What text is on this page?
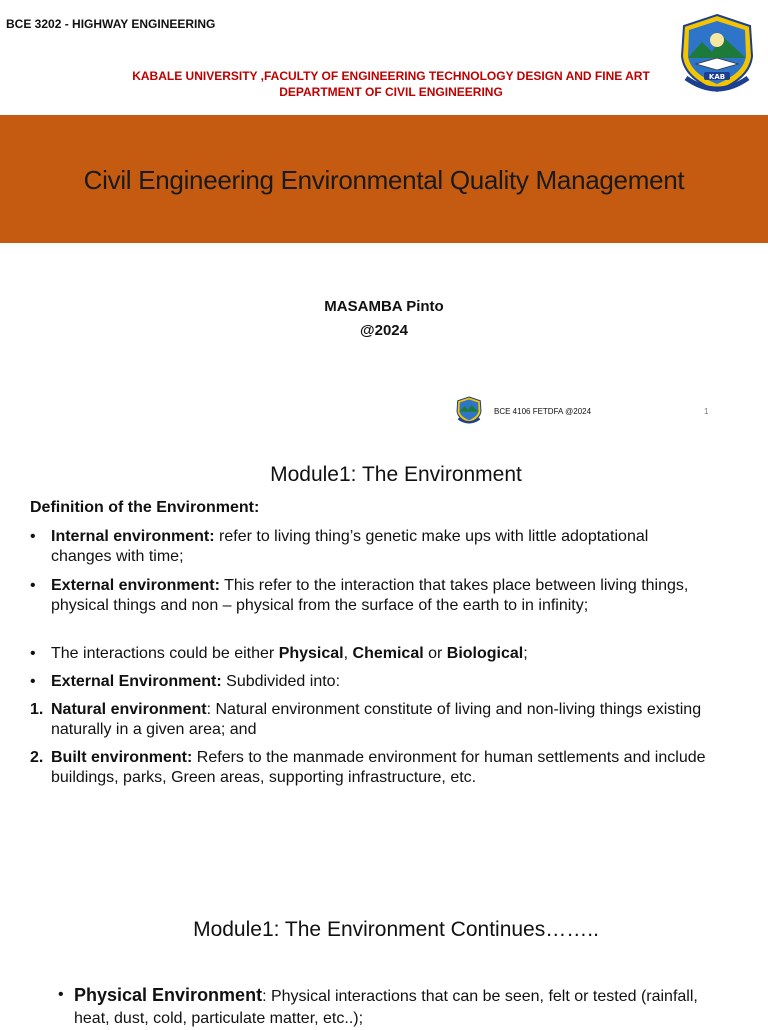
BCE 3202 - HIGHWAY ENGINEERING
KABALE UNIVERSITY ,FACULTY OF ENGINEERING TECHNOLOGY DESIGN AND FINE ART
DEPARTMENT OF CIVIL ENGINEERING
KAB
Civil Engineering Environmental Quality Management
MASAMBA Pinto
@2024
BCE 4106 FETDFA @2024	1
Module1: The Environment
Definition of the Environment:
• Internal environment: refer to living thing’s genetic make ups with little adoptational changes with time;
• External environment: This refer to the interaction that takes place between living things, physical things and non – physical from the surface of the earth to in infinity;
• The interactions could be either Physical, Chemical or Biological;
• External Environment: Subdivided into:
1. Natural environment: Natural environment constitute of living and non-living things existing naturally in a given area; and
2. Built environment: Refers to the manmade environment for human settlements and include buildings, parks, Green areas, supporting infrastructure, etc.
Module1: The Environment Continues……..
• Physical Environment: Physical interactions that can be seen, felt or tested (rainfall, heat, dust, cold, particulate matter, etc..);
